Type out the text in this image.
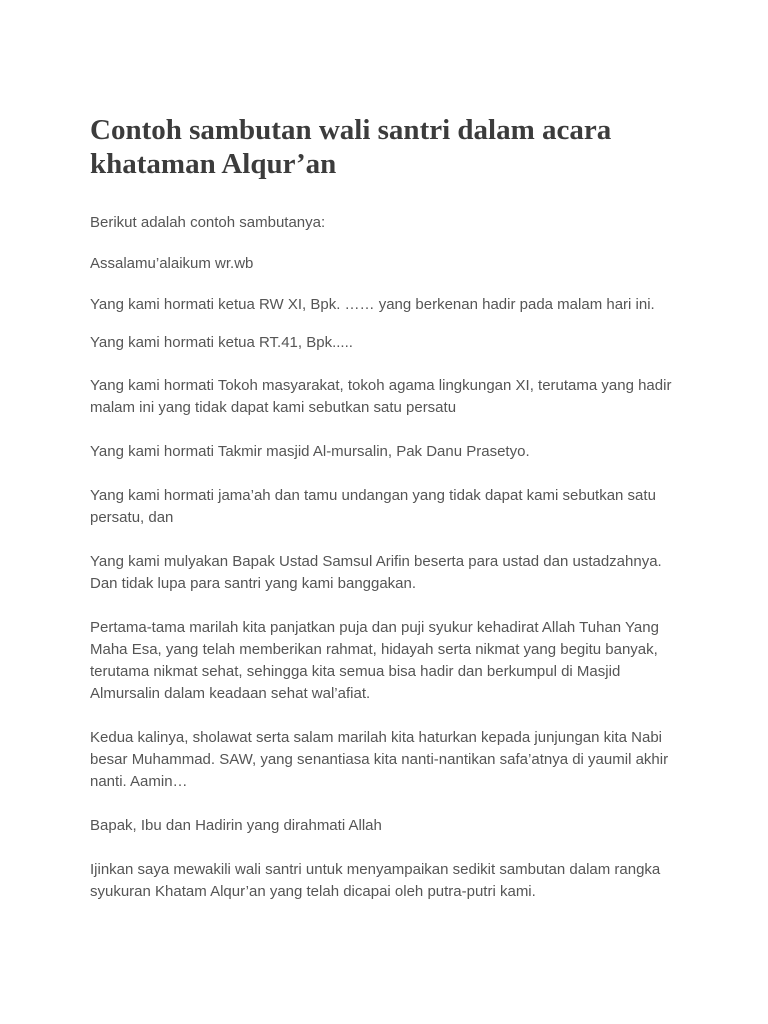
Contoh sambutan wali santri dalam acara khataman Alqur’an

Berikut adalah contoh sambutanya:

Assalamu’alaikum wr.wb

Yang kami hormati ketua RW XI, Bpk. …… yang berkenan hadir pada malam hari ini.

Yang kami hormati ketua RT.41, Bpk.....

Yang kami hormati Tokoh masyarakat, tokoh agama lingkungan XI, terutama yang hadir malam ini yang tidak dapat kami sebutkan satu persatu

Yang kami hormati Takmir masjid Al-mursalin, Pak Danu Prasetyo.

Yang kami hormati jama’ah dan tamu undangan yang tidak dapat kami sebutkan satu persatu, dan

Yang kami mulyakan Bapak Ustad Samsul Arifin beserta para ustad dan ustadzahnya. Dan tidak lupa para santri yang kami banggakan.

Pertama-tama marilah kita panjatkan puja dan puji syukur kehadirat Allah Tuhan Yang Maha Esa, yang telah memberikan rahmat, hidayah serta nikmat yang begitu banyak, terutama nikmat sehat, sehingga kita semua bisa hadir dan berkumpul di Masjid Almursalin dalam keadaan sehat wal’afiat.

Kedua kalinya, sholawat serta salam marilah kita haturkan kepada junjungan kita Nabi besar Muhammad. SAW, yang senantiasa kita nanti-nantikan safa’atnya di yaumil akhir nanti. Aamin…

Bapak, Ibu dan Hadirin yang dirahmati Allah

Ijinkan saya mewakili wali santri untuk menyampaikan sedikit sambutan dalam rangka syukuran Khatam Alqur’an yang telah dicapai oleh putra-putri kami.
